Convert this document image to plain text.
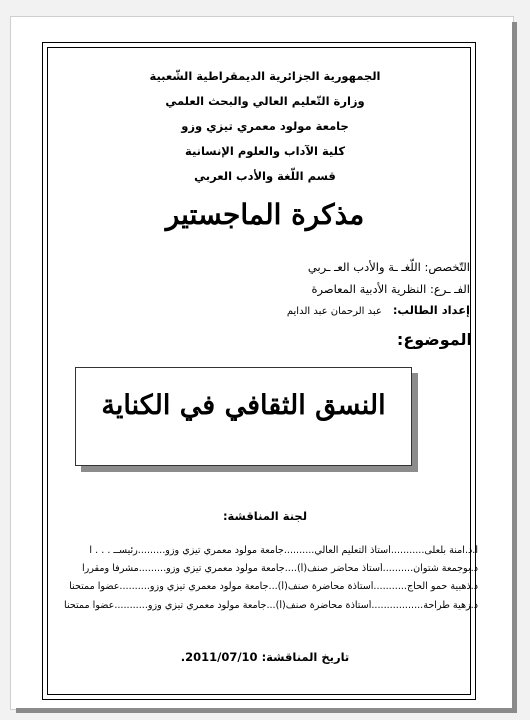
الجمهورية الجزائرية الديمقراطية الشّعبية
وزارة التّعليم العالي والبحث العلمي
جامعة مولود معمري تيزي وزو
كلية الآداب والعلوم الإنسانية
قسم اللّغة والأدب العربي
مذكرة الماجستير
التّخصص: اللّغـ ـة والأدب العـ ـربي
الفـ ـرع: النظرية الأدبية المعاصرة
إعداد الطالب:   عبد الرحمان عبد الدايم
الموضوع:
النسق الثقافي في الكناية
لجنة المناقشة:
أ.د.آمنة بلعلى...........أستاذ التعليم العالي..........جامعة مولود معمري تيزي وزو.........رئيســ . . . ا
د.بوجمعة شتوان..........أستاذ محاضر صنف(أ)....جامعة مولود معمري تيزي وزو.........مشرفا ومقررا
د.ذهبية حمو الحاج...........أستاذة محاضرة صنف(أ)...جامعة مولود معمري تيزي وزو..........عضوا ممتحنا
د.زهية طراحة.................أستاذة محاضرة صنف(أ)...جامعة مولود معمري تيزي وزو...........عضوا ممتحنا
تاريخ المناقشة: 2011/07/10.
